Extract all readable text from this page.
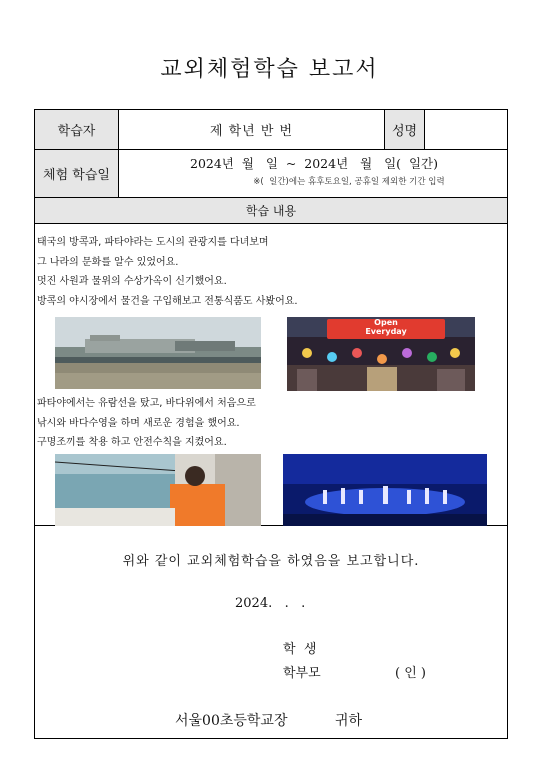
교외체험학습 보고서
학습자	제 학년 반 번	성명
체험 학습일
2024년  월   일  ~  2024년   월   일(  일간)
※(  일간)에는 휴후토요일, 공휴일 제외한 기간 입력
학습 내용
태국의 방콕과, 파타야라는 도시의 관광지를 다녀보며
그 나라의 문화를 알수 있었어요.
멋진 사원과 물위의 수상가옥이 신기했어요.
방콕의 야시장에서 물건을 구입해보고 전통식품도 사봤어요.
Open
Everyday
파타야에서는 유람선을 탔고, 바다위에서 처음으로
낚시와 바다수영을 하며 새로운 경험을 했어요.
구명조끼를 착용 하고 안전수칙을 지켰어요.
위와 같이 교외체험학습을 하였음을 보고합니다.
2024.   .   .
학  생
학부모	( 인 )
서울00초등학교장	귀하
